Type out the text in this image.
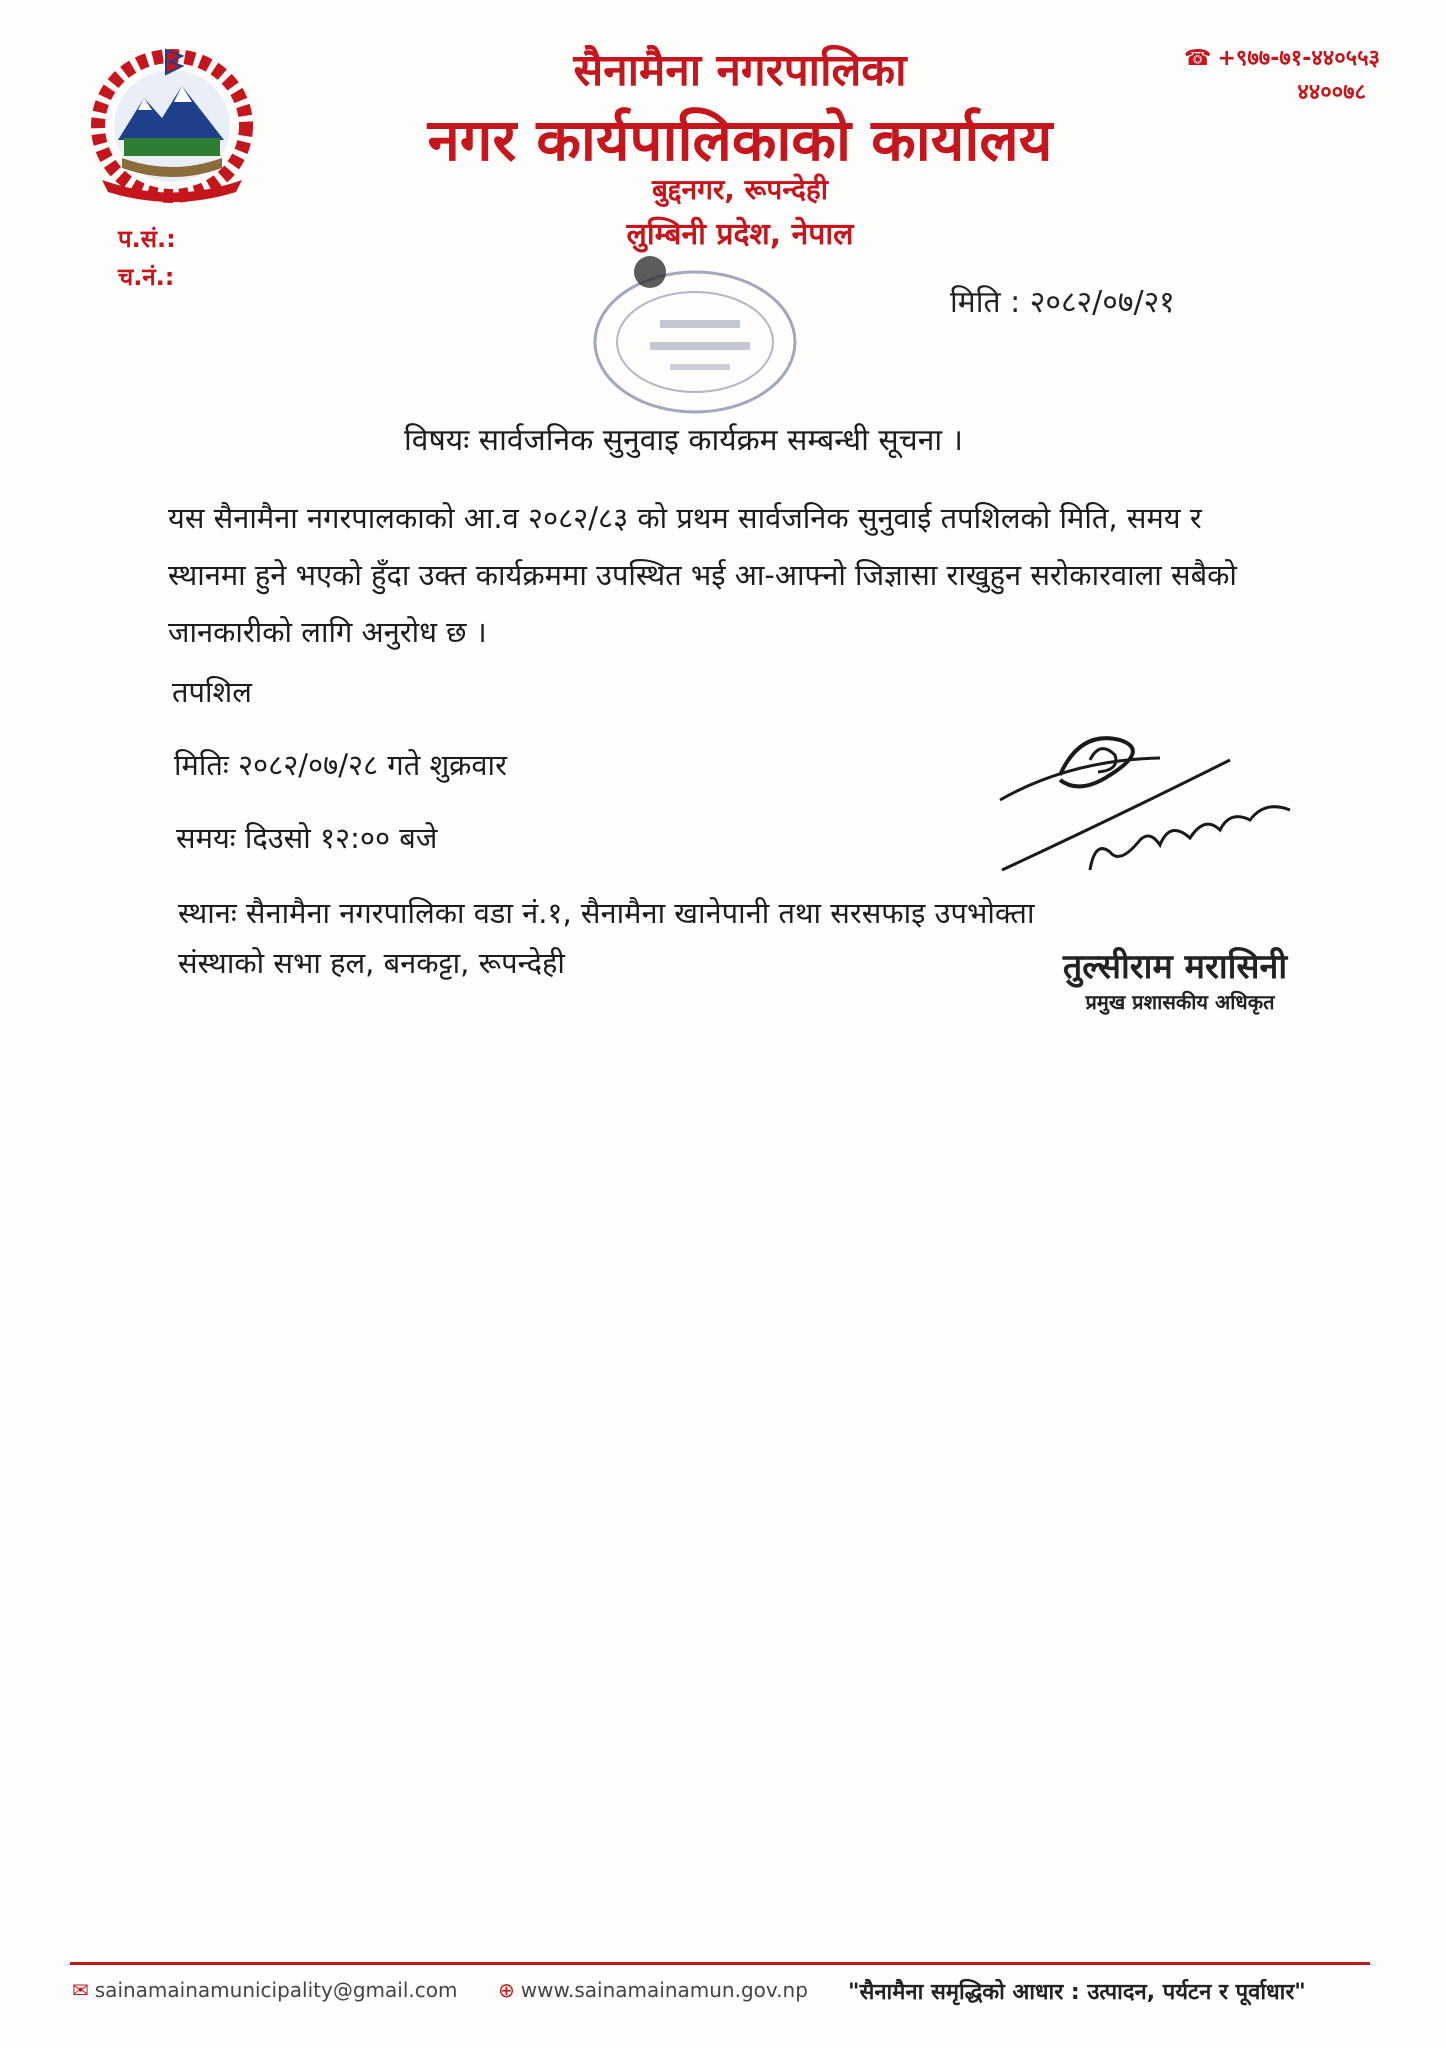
सैनामैना नगरपालिका
नगर कार्यपालिकाको कार्यालय
बुद्दनगर, रूपन्देही
लुम्बिनी प्रदेश, नेपाल
☎ +९७७-७१-४४०५५३
४४००७८
प.सं.:
च.नं.:
मिति : २०८२/०७/२१
विषयः सार्वजनिक सुनुवाइ कार्यक्रम सम्बन्धी सूचना ।
यस सैनामैना नगरपालकाको आ.व २०८२/८३ को प्रथम सार्वजनिक सुनुवाई तपशिलको मिति, समय र स्थानमा हुने भएको हुँदा उक्त कार्यक्रममा उपस्थित भई आ-आफ्नो जिज्ञासा राखुहुन सरोकारवाला सबैको जानकारीको लागि अनुरोध छ ।
तपशिल
मितिः २०८२/०७/२८ गते शुक्रवार
समयः दिउसो १२:०० बजे
स्थानः सैनामैना नगरपालिका वडा नं.१, सैनामैना खानेपानी तथा सरसफाइ उपभोक्ता संस्थाको सभा हल, बनकट्टा, रूपन्देही	तुल्सीराम मरासिनी
प्रमुख प्रशासकीय अधिकृत
✉ sainamainamunicipality@gmail.com ⊕ www.sainamainamun.gov.np "सैनामैना समृद्धिको आधार : उत्पादन, पर्यटन र पूर्वाधार"
